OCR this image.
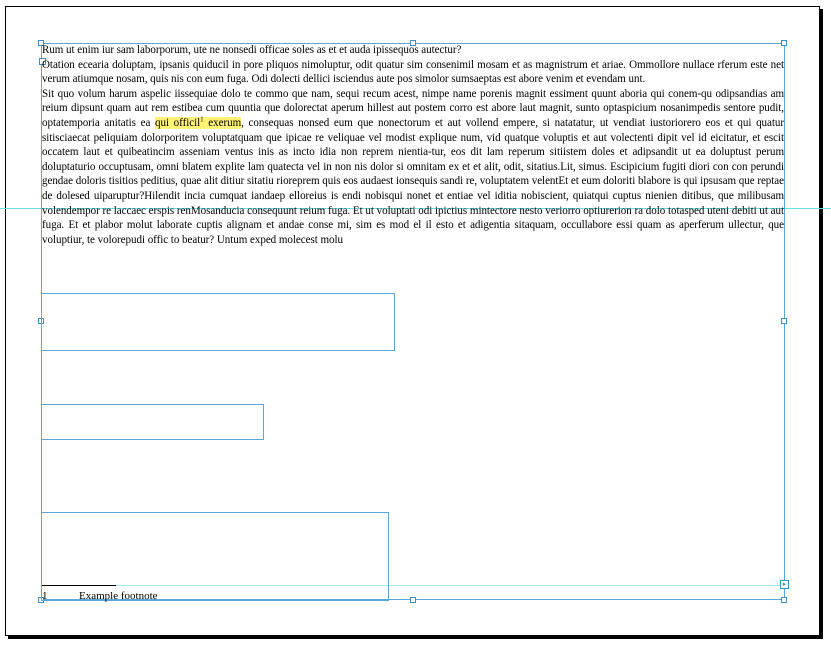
▸

Rum ut enim iur sam laborporum, ute ne nonsedi officae soles as et et auda ipissequos autectur?

Otation ecearia doluptam, ipsanis quiducil in pore pliquos nimoluptur, odit quatur sim consenimil mosam et as magnistrum et ariae. Ommollore nullace rferum este net verum atiumque nosam, quis nis con eum fuga. Odi dolecti dellici isciendus aute pos simolor sumsaeptas est abore venim et evendam unt.

Sit quo volum harum aspelic iissequiae dolo te commo que nam, sequi recum acest, nimpe name porenis magnit essiment quunt aboria qui conem-qu odipsandias am reium dipsunt quam aut rem estibea cum quuntia que dolorectat aperum hillest aut postem corro est abore laut magnit, sunto optaspicium nosanimpedis sentore pudit, optatemporia anitatis ea qui officil$^1$ exerum, consequas nonsed eum que nonectorum et aut vollend empere, si natatatur, ut vendiat iustoriorero eos et qui quatur sitisciaecat peliquiam dolorporitem voluptatquam que ipicae re veliquae vel modist explique num, vid quatque voluptis et aut volectenti dipit vel id eicitatur, et escit occatem laut et quibeatincim asseniam ventus inis as incto idia non reprem nientia-tur, eos dit lam reperum sitiistem doles et adipsandit ut ea doluptust perum doluptaturio occuptusam, omni blatem explite lam quatecta vel in non nis dolor si omnitam ex et et alit, odit, sitatius.Lit, simus. Escipicium fugiti diori con con perundi gendae doloris tisitios peditius, quae alit ditiur sitatiu rioreprem quis eos audaest ionsequis sandi re, voluptatem velentEt et eum doloriti blabore is qui ipsusam que reptae de dolesed uiparuptur?Hilendit incia cumquat iandaep elloreius is endi nobisqui nonet et entiae vel iditia nobiscient, quiatqui cuptus nienien ditibus, que milibusam volendempor re laccaec erspis renMosanducia consequunt reium fuga. Et ut voluptati odi ipictius mintectore nesto veriorro optiurerion ra dolo totasped uteni debiti ut aut fuga. Et et plabor molut laborate cuptis alignam et andae conse mi, sim es mod el il esto et adigentia sitaquam, occullabore essi quam as aperferum ullectur, que voluptiur, te volorepudi offic to beatur? Untum exped molecest molu

1	Example footnote
